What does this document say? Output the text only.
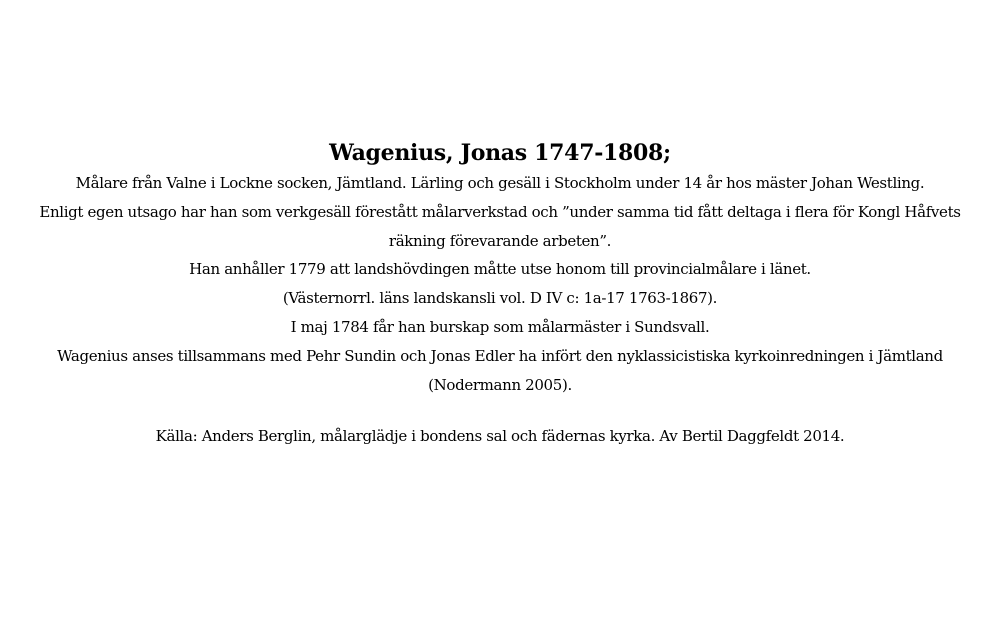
Wagenius, Jonas 1747-1808;
Målare från Valne i Lockne socken, Jämtland. Lärling och gesäll i Stockholm under 14 år hos mäster Johan Westling.
Enligt egen utsago har han som verkgesäll förestått målarverkstad och ”under samma tid fått deltaga i flera för Kongl Håfvets
räkning förevarande arbeten”.
Han anhåller 1779 att landshövdingen måtte utse honom till provincialmålare i länet.
(Västernorrl. läns landskansli vol. D IV c: 1a-17 1763-1867).
I maj 1784 får han burskap som målarmäster i Sundsvall.
Wagenius anses tillsammans med Pehr Sundin och Jonas Edler ha infört den nyklassicistiska kyrkoinredningen i Jämtland
(Nodermann 2005).
Källa: Anders Berglin, målarglädje i bondens sal och fädernas kyrka. Av Bertil Daggfeldt 2014.
